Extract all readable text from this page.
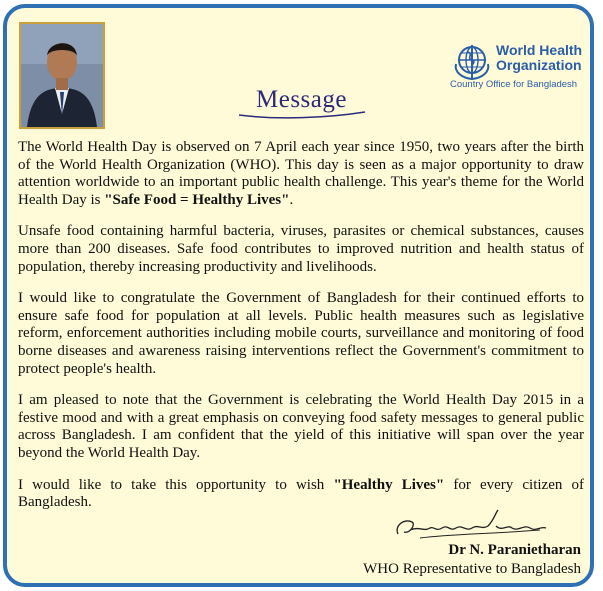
World Health
Organization
Country Office for Bangladesh
Message

The World Health Day is observed on 7 April each year since 1950, two years after the birth of the World Health Organization (WHO). This day is seen as a major opportunity to draw attention worldwide to an important public health challenge. This year's theme for the World Health Day is "Safe Food = Healthy Lives".

Unsafe food containing harmful bacteria, viruses, parasites or chemical substances, causes more than 200 diseases. Safe food contributes to improved nutrition and health status of population, thereby increasing productivity and livelihoods.

I would like to congratulate the Government of Bangladesh for their continued efforts to ensure safe food for population at all levels. Public health measures such as legislative reform, enforcement authorities including mobile courts, surveillance and monitoring of food borne diseases and awareness raising interventions reflect the Government's commitment to protect people's health.

I am pleased to note that the Government is celebrating the World Health Day 2015 in a festive mood and with a great emphasis on conveying food safety messages to general public across Bangladesh. I am confident that the yield of this initiative will span over the year beyond the World Health Day.

I would like to take this opportunity to wish "Healthy Lives" for every citizen of Bangladesh.

Dr N. Paranietharan
WHO Representative to Bangladesh
